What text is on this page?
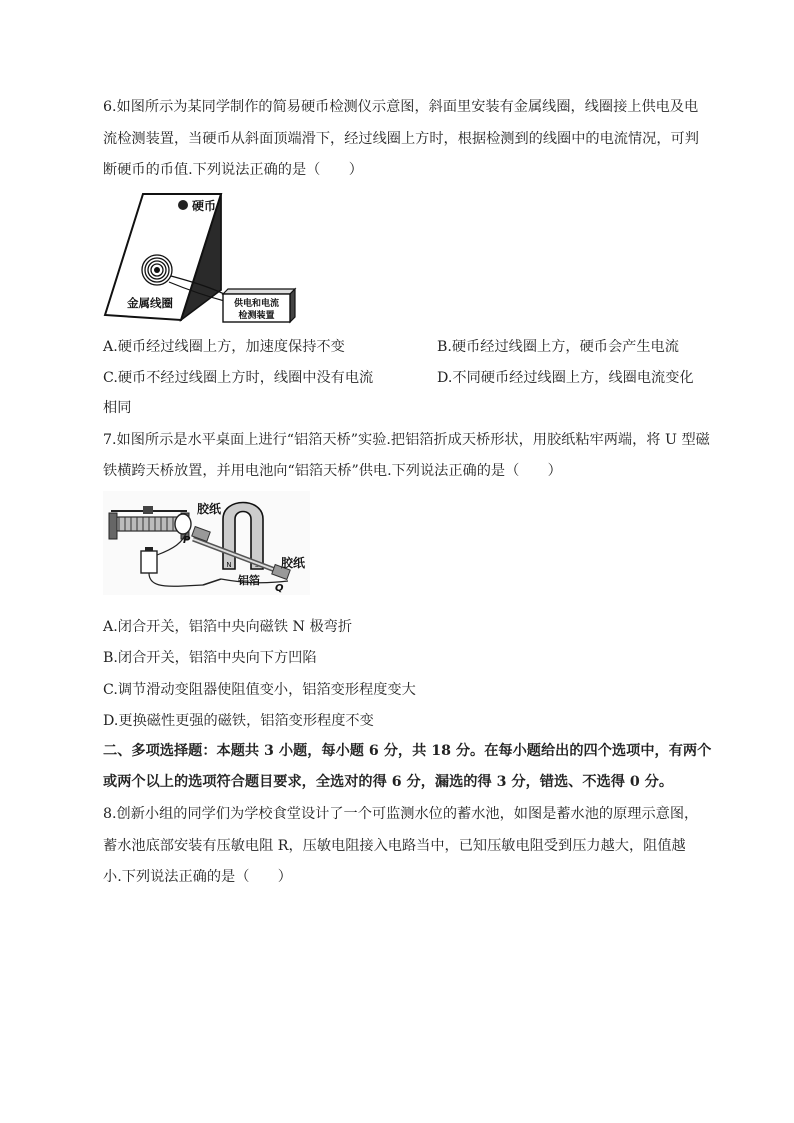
6.如图所示为某同学制作的简易硬币检测仪示意图，斜面里安装有金属线圈，线圈接上供电及电
流检测装置，当硬币从斜面顶端滑下，经过线圈上方时，根据检测到的线圈中的电流情况，可判
断硬币的币值.下列说法正确的是（　　）
硬币
金属线圈	供电和电流
检测装置
A.硬币经过线圈上方，加速度保持不变	B.硬币经过线圈上方，硬币会产生电流
C.硬币不经过线圈上方时，线圈中没有电流	D.不同硬币经过线圈上方，线圈电流变化
相同
7.如图所示是水平桌面上进行“铝箔天桥”实验.把铝箔折成天桥形状，用胶纸粘牢两端，将 U 型磁
铁横跨天桥放置，并用电池向“铝箔天桥”供电.下列说法正确的是（　　）
N	S
胶纸
胶纸
铝箔
P
Q
A.闭合开关，铝箔中央向磁铁 N 极弯折
B.闭合开关，铝箔中央向下方凹陷
C.调节滑动变阻器使阻值变小，铝箔变形程度变大
D.更换磁性更强的磁铁，铝箔变形程度不变
二、多项选择题：本题共 3 小题，每小题 6 分，共 18 分。在每小题给出的四个选项中，有两个
或两个以上的选项符合题目要求，全选对的得 6 分，漏选的得 3 分，错选、不选得 0 分。
8.创新小组的同学们为学校食堂设计了一个可监测水位的蓄水池，如图是蓄水池的原理示意图，
蓄水池底部安装有压敏电阻 R，压敏电阻接入电路当中，已知压敏电阻受到压力越大，阻值越
小.下列说法正确的是（　　）
